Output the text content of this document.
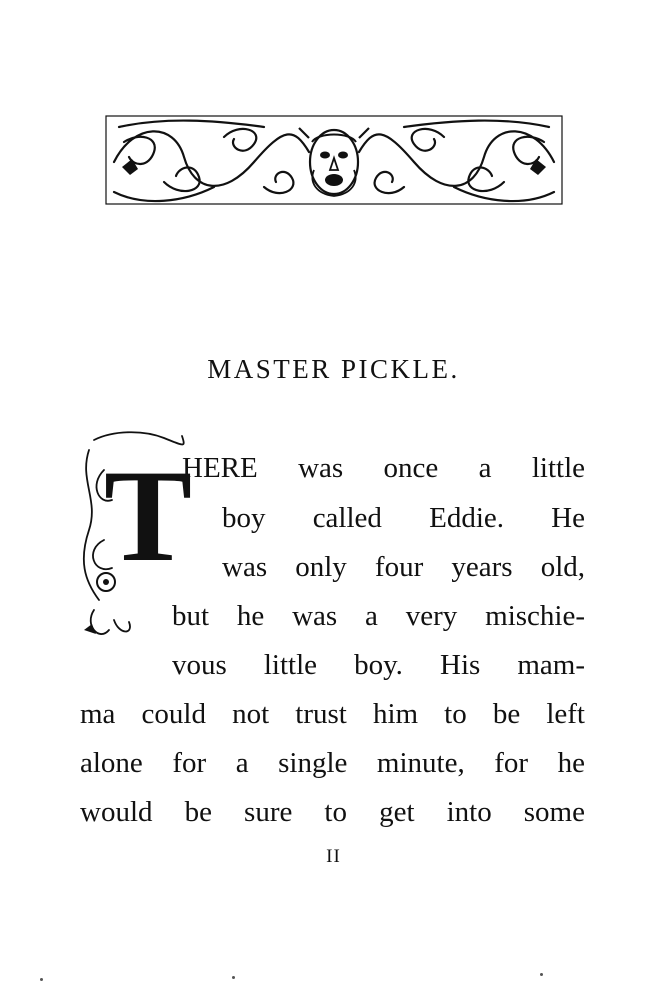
MASTER PICKLE.
T
HERE was once a little
boy called Eddie. He
was only four years old,
but he was a very mischie-
vous little boy. His mam-
ma could not trust him to be left
alone for a single minute, for he
would be sure to get into some
II
